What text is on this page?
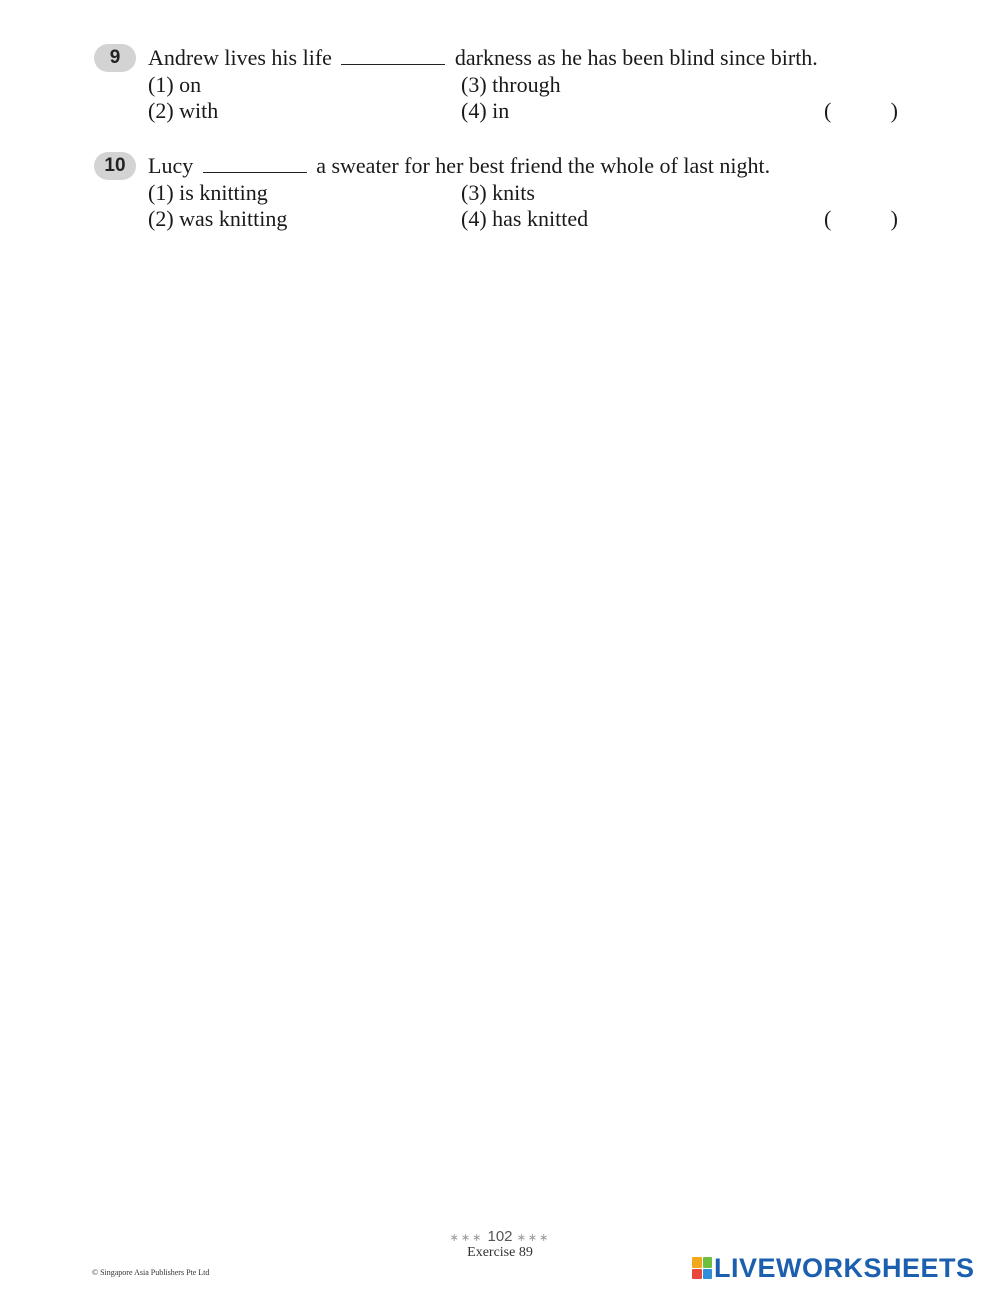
9	Andrew lives his life	darkness as he has been blind since birth.
(1) on
(2) with
(3) through
(4) in	(	)
10	Lucy	a sweater for her best friend the whole of last night.
(1) is knitting
(2) was knitting
(3) knits
(4) has knitted	(	)
∗∗∗ 102 ∗∗∗
Exercise 89
© Singapore Asia Publishers Pte Ltd	LIVEWORKSHEETS
